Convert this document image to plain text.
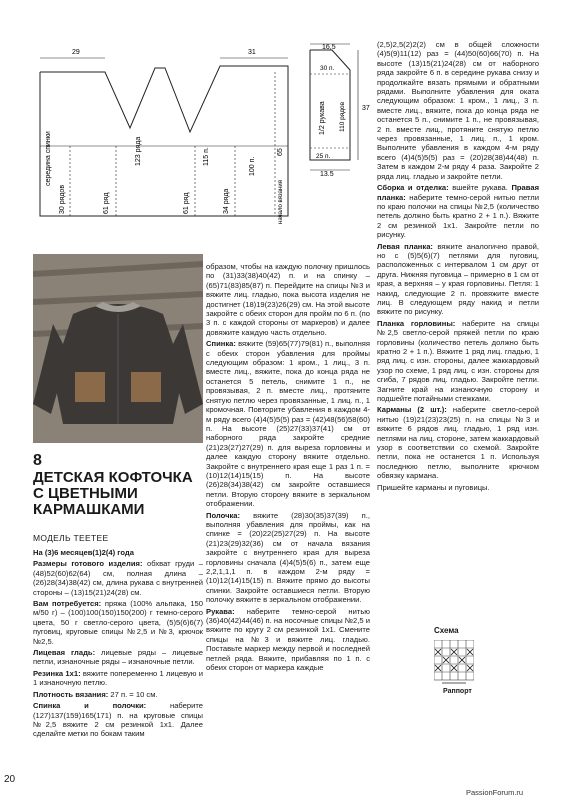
29	31
123 ряда
середина спинки
30 рядов	61 ряд	61 ряд
115 п.
34 ряда
100 п.
65
начало вязания
16,5
30 п.
110 рядов
1/2 рукава
25 п.
37
13,5
8
ДЕТСКАЯ КОФТОЧКА С ЦВЕТНЫМИ КАРМАШКАМИ
МОДЕЛЬ TEETEE

На (3)6 месяцев(1)2(4) года

Размеры готового изделия: обхват груди – (48)52(60)62(64) см, полная длина – (26)28(34)38(42) см, длина рукава с внутренней стороны – (13)15(21)24(28) см.

Вам потребуется: пряжа (100% альпака, 150 м/50 г) – (100)100(150)150(200) г темно-серого цвета, 50 г светло-серого цвета, (5)5(6)6(7) пуговиц, круговые спицы №2,5 и №3, крючок №2,5.

Лицевая гладь: лицевые ряды – лицевые петли, изнаночные ряды – изнаночные петли.

Резинка 1х1: вяжите попеременно 1 лицевую и 1 изнаночную петлю.

Плотность вязания: 27 п. = 10 см.

Спинка и полочки: наберите (127)137(159)165(171) п. на круговые спицы №2,5 вяжите 2 см резинкой 1х1. Далее сделайте метки по бокам таким

образом, чтобы на каждую полочку пришлось по (31)33(38)40(42) п. и на спинку – (65)71(83)85(87) п. Перейдите на спицы №3 и вяжите лиц. гладью, пока высота изделия не достигнет (18)19(23)26(29) см. На этой высоте закройте с обеих сторон для пройм по 6 п. (по 3 п. с каждой стороны от маркеров) и далее довяжите каждую часть отдельно.

Спинка: вяжите (59)65(77)79(81) п., выполняя с обеих сторон убавления для проймы следующим образом: 1 кром., 1 лиц., 3 п. вместе лиц., вяжите, пока до конца ряда не останется 5 петель, снимите 1 п., не провязывая, 2 п. вместе лиц., протяните снятую петлю через провязанные, 1 лиц. п., 1 кромочная. Повторите убавления в каждом 4-м ряду всего (4)4(5)5(5) раз = (42)48(56)58(60) п. На высоте (25)27(33)37(41) см от наборного ряда закройте средние (21)23(27)27(29) п. для выреза горловины и далее каждую сторону вяжите отдельно. Закройте с внутреннего края еще 1 раз 1 п. = (10)12(14)15(15) п. На высоте (26)28(34)38(42) см закройте оставшиеся петли. Вторую сторону вяжите в зеркальном отображении.

Полочка: вяжите (28)30(35)37(39) п., выполняя убавления для проймы, как на спинке = (20)22(25)27(29) п. На высоте (21)23(29)32(36) см от начала вязания закройте с внутреннего края для выреза горловины сначала (4)4(5)5(6) п., затем еще 2,2,1,1,1 п. в каждом 2-м ряду = (10)12(14)15(15) п. Вяжите прямо до высоты спинки. Закройте оставшиеся петли. Вторую полочку вяжите в зеркальном отображении.

Рукава: наберите темно-серой нитью (36)40(42)44(46) п. на носочные спицы №2,5 и вяжите по кругу 2 см резинкой 1х1. Смените спицы на №3 и вяжите лиц. гладью. Поставьте маркер между первой и последней петлей ряда. Вяжите, прибавляя по 1 п. с обеих сторон от маркера каждые

(2,5)2,5(2)2(2) см в общей сложности (4)5(9)11(12) раз = (44)50(60)66(70) п. На высоте (13)15(21)24(28) см от наборного ряда закройте 6 п. в середине рукава снизу и продолжайте вязать прямыми и обратными рядами. Выполните убавления для оката следующим образом: 1 кром., 1 лиц., 3 п. вместе лиц., вяжите, пока до конца ряда не останется 5 п., снимите 1 п., не провязывая, 2 п. вместе лиц., протяните снятую петлю через провязанные, 1 лиц. п., 1 кром. Выполните убавления в каждом 4-м ряду всего (4)4(5)5(5) раз = (20)28(38)44(48) п. Затем в каждом 2-м ряду 4 раза. Закройте 2 ряда лиц. гладью и закройте петли.

Сборка и отделка: вшейте рукава. Правая планка: наберите темно-серой нитью петли по краю полочки на спицы №2,5 (количество петель должно быть кратно 2 + 1 п.). Вяжите 2 см резинкой 1х1. Закройте петли по рисунку.

Левая планка: вяжите аналогично правой, но с (5)5(6)(7) петлями для пуговиц, расположенных с интервалом 1 см друг от друга. Нижняя пуговица – примерно в 1 см от края, а верхняя – у края горловины. Петля: 1 накид, следующие 2 п. провяжите вместе лиц. В следующем ряду накид и петли вяжите по рисунку.

Планка горловины: наберите на спицы №2,5 светло-серой пряжей петли по краю горловины (количество петель должно быть кратно 2 + 1 п.). Вяжите 1 ряд лиц. гладью, 1 ряд лиц. с изн. стороны, далее жаккардовый узор по схеме, 1 ряд лиц. с изн. стороны для сгиба, 7 рядов лиц. гладью. Закройте петли. Загните край на изнаночную сторону и подшейте потайными стежками.

Карманы (2 шт.): наберите светло-серой нитью (19)21(23)23(25) п. на спицы №3 и вяжите 6 рядов лиц. гладью, 1 ряд изн. петлями на лиц. стороне, затем жаккардовый узор в соответствии со схемой. Закройте петли, пока не останется 1 п. Используя последнюю петлю, выполните крючком обвязку кармана.

Пришейте карманы и пуговицы.

Схема
Раппорт
20
PassionForum.ru
